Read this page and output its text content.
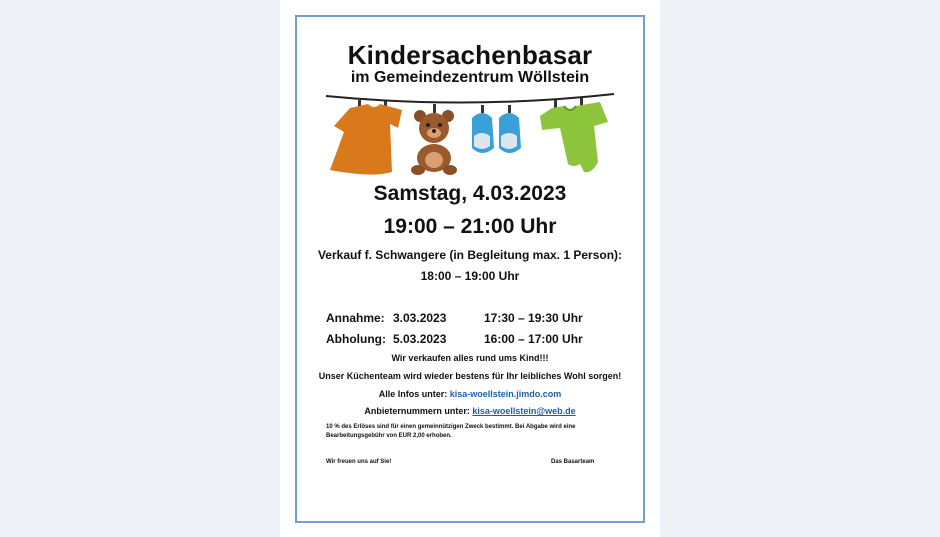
Kindersachenbasar
im Gemeindezentrum Wöllstein
Samstag, 4.03.2023
19:00 – 21:00 Uhr
Verkauf f. Schwangere (in Begleitung max. 1 Person):
18:00 – 19:00 Uhr
Annahme: 3.03.2023	17:30 – 19:30 Uhr
Abholung: 5.03.2023	16:00 – 17:00 Uhr
Wir verkaufen alles rund ums Kind!!!
Unser Küchenteam wird wieder bestens für Ihr leibliches Wohl sorgen!
Alle Infos unter: kisa-woellstein.jimdo.com
Anbieternummern unter: kisa-woellstein@web.de
10 % des Erlöses sind für einen gemeinnützigen Zweck bestimmt. Bei Abgabe wird eine Bearbeitungsgebühr von EUR 2,00 erhoben.
Wir freuen uns auf Sie!	Das Basarteam
